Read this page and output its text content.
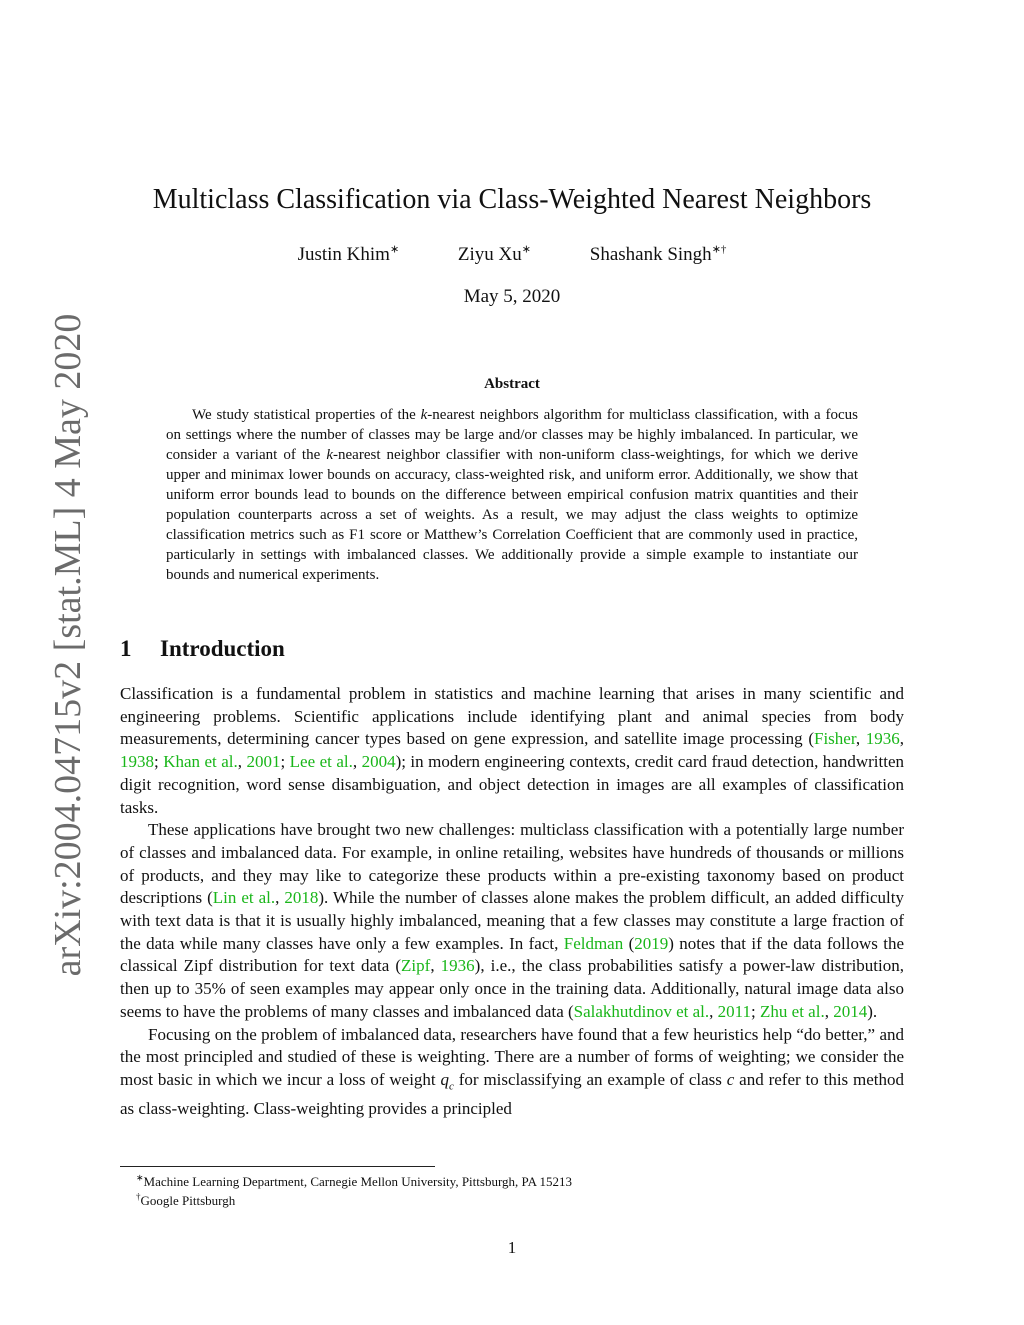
arXiv:2004.04715v2 [stat.ML] 4 May 2020
Multiclass Classification via Class-Weighted Nearest Neighbors
Justin Khim∗	Ziyu Xu∗	Shashank Singh∗†
May 5, 2020
Abstract

We study statistical properties of the k-nearest neighbors algorithm for multiclass classification, with a focus on settings where the number of classes may be large and/or classes may be highly imbalanced. In particular, we consider a variant of the k-nearest neighbor classifier with non-uniform class-weightings, for which we derive upper and minimax lower bounds on accuracy, class-weighted risk, and uniform error. Additionally, we show that uniform error bounds lead to bounds on the difference between empirical confusion matrix quantities and their population counterparts across a set of weights. As a result, we may adjust the class weights to optimize classification metrics such as F1 score or Matthew’s Correlation Coefficient that are commonly used in practice, particularly in settings with imbalanced classes. We additionally provide a simple example to instantiate our bounds and numerical experiments.

1 Introduction

Classification is a fundamental problem in statistics and machine learning that arises in many scientific and engineering problems. Scientific applications include identifying plant and animal species from body measurements, determining cancer types based on gene expression, and satellite image processing (Fisher, 1936, 1938; Khan et al., 2001; Lee et al., 2004); in modern engineering contexts, credit card fraud detection, handwritten digit recognition, word sense disambiguation, and object detection in images are all examples of classification tasks.

These applications have brought two new challenges: multiclass classification with a potentially large number of classes and imbalanced data. For example, in online retailing, websites have hundreds of thousands or millions of products, and they may like to categorize these products within a pre-existing taxonomy based on product descriptions (Lin et al., 2018). While the number of classes alone makes the problem difficult, an added difficulty with text data is that it is usually highly imbalanced, meaning that a few classes may constitute a large fraction of the data while many classes have only a few examples. In fact, Feldman (2019) notes that if the data follows the classical Zipf distribution for text data (Zipf, 1936), i.e., the class probabilities satisfy a power-law distribution, then up to 35% of seen examples may appear only once in the training data. Additionally, natural image data also seems to have the problems of many classes and imbalanced data (Salakhutdinov et al., 2011; Zhu et al., 2014).

Focusing on the problem of imbalanced data, researchers have found that a few heuristics help “do better,” and the most principled and studied of these is weighting. There are a number of forms of weighting; we consider the most basic in which we incur a loss of weight $q_c$ for misclassifying an example of class c and refer to this method as class-weighting. Class-weighting provides a principled

∗Machine Learning Department, Carnegie Mellon University, Pittsburgh, PA 15213
†Google Pittsburgh
1
